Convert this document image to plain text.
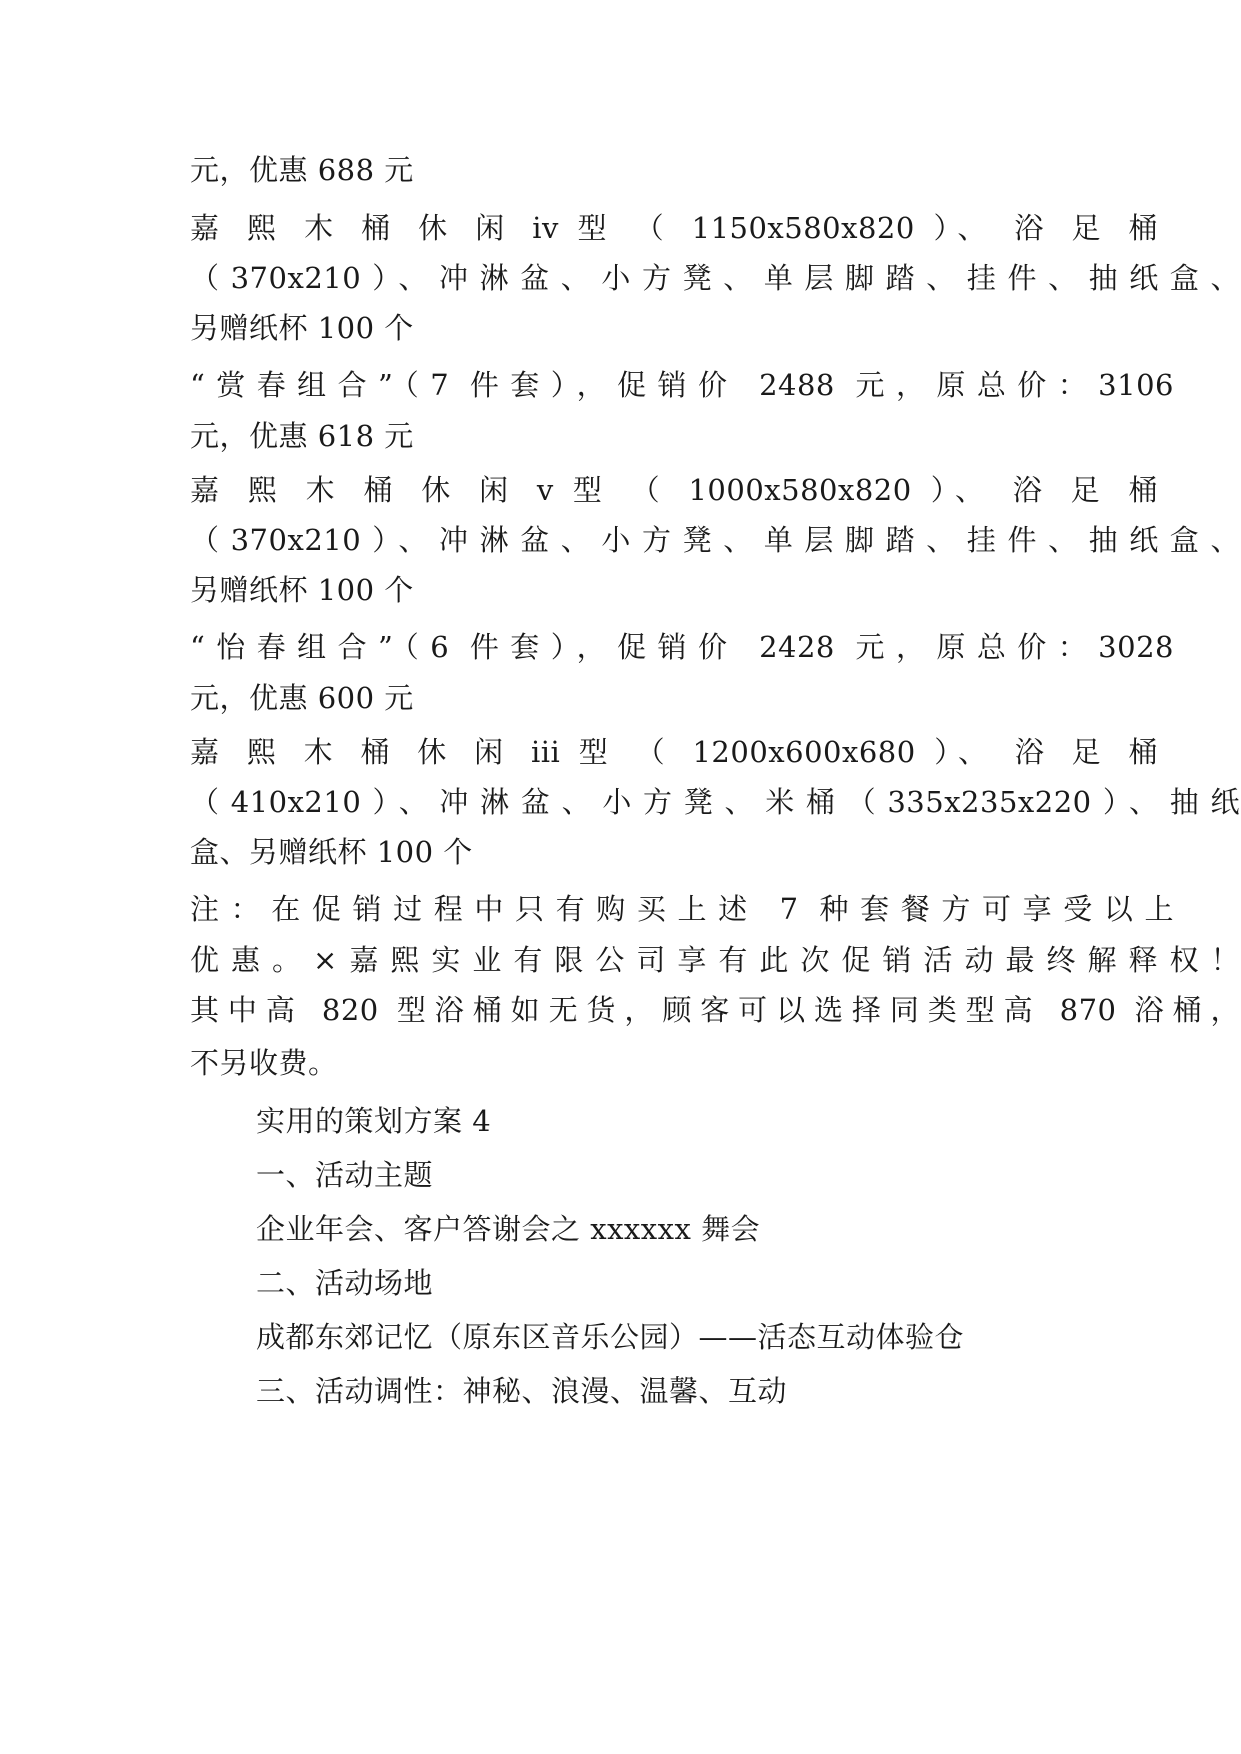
元，优惠 688 元
嘉 熙 木 桶 休 闲 iv 型 （ 1150x580x820 ）、 浴 足 桶
（370x210）、冲淋盆、小方凳、单层脚踏、挂件、抽纸盒、
另赠纸杯 100 个
“赏春组合”（7 件套），促销价 2488 元，原总价：3106
元，优惠 618 元
嘉 熙 木 桶 休 闲 v 型 （ 1000x580x820 ）、 浴 足 桶
（370x210）、冲淋盆、小方凳、单层脚踏、挂件、抽纸盒、
另赠纸杯 100 个
“怡春组合”（6 件套），促销价 2428 元，原总价：3028
元，优惠 600 元
嘉 熙 木 桶 休 闲 iii 型 （ 1200x600x680 ）、 浴 足 桶
（410x210）、冲淋盆、小方凳、米桶（335x235x220）、抽纸
盒、另赠纸杯 100 个
注：在促销过程中只有购买上述 7 种套餐方可享受以上
优惠。×嘉熙实业有限公司享有此次促销活动最终解释权！
其中高 820 型浴桶如无货，顾客可以选择同类型高 870 浴桶，
不另收费。
实用的策划方案 4
一、活动主题
企业年会、客户答谢会之 xxxxxx 舞会
二、活动场地
成都东郊记忆（原东区音乐公园）——活态互动体验仓
三、活动调性：神秘、浪漫、温馨、互动
